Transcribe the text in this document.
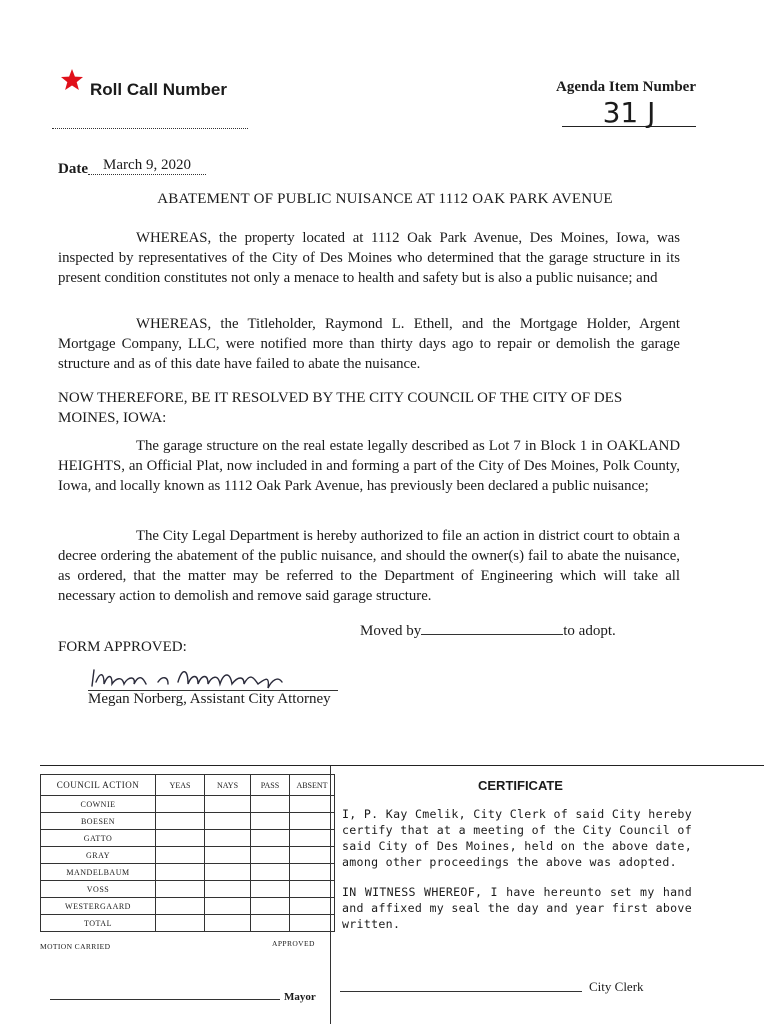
Roll Call Number	Agenda Item Number
31 J
Date	March 9, 2020
ABATEMENT OF PUBLIC NUISANCE AT 1112 OAK PARK AVENUE

WHEREAS, the property located at 1112 Oak Park Avenue, Des Moines, Iowa, was inspected by representatives of the City of Des Moines who determined that the garage structure in its present condition constitutes not only a menace to health and safety but is also a public nuisance; and

WHEREAS, the Titleholder, Raymond L. Ethell, and the Mortgage Holder, Argent Mortgage Company, LLC, were notified more than thirty days ago to repair or demolish the garage structure and as of this date have failed to abate the nuisance.

NOW THEREFORE, BE IT RESOLVED BY THE CITY COUNCIL OF THE CITY OF DES MOINES, IOWA:

The garage structure on the real estate legally described as Lot 7 in Block 1 in OAKLAND HEIGHTS, an Official Plat, now included in and forming a part of the City of Des Moines, Polk County, Iowa, and locally known as 1112 Oak Park Avenue, has previously been declared a public nuisance;

The City Legal Department is hereby authorized to file an action in district court to obtain a decree ordering the abatement of the public nuisance, and should the owner(s) fail to abate the nuisance, as ordered, that the matter may be referred to the Department of Engineering which will take all necessary action to demolish and remove said garage structure.

Moved by	to adopt.
FORM APPROVED:
Megan Norberg, Assistant City Attorney
COUNCIL ACTION	YEAS	NAYS	PASS	ABSENT
COWNIE				
BOESEN				
GATTO				
GRAY				
MANDELBAUM				
VOSS				
WESTERGAARD				
TOTAL				
MOTION CARRIED	APPROVED
Mayor
CERTIFICATE

I, P. Kay Cmelik, City Clerk of said City hereby certify that at a meeting of the City Council of said City of Des Moines, held on the above date, among other proceedings the above was adopted.

IN WITNESS WHEREOF, I have hereunto set my hand and affixed my seal the day and year first above written.

City Clerk
